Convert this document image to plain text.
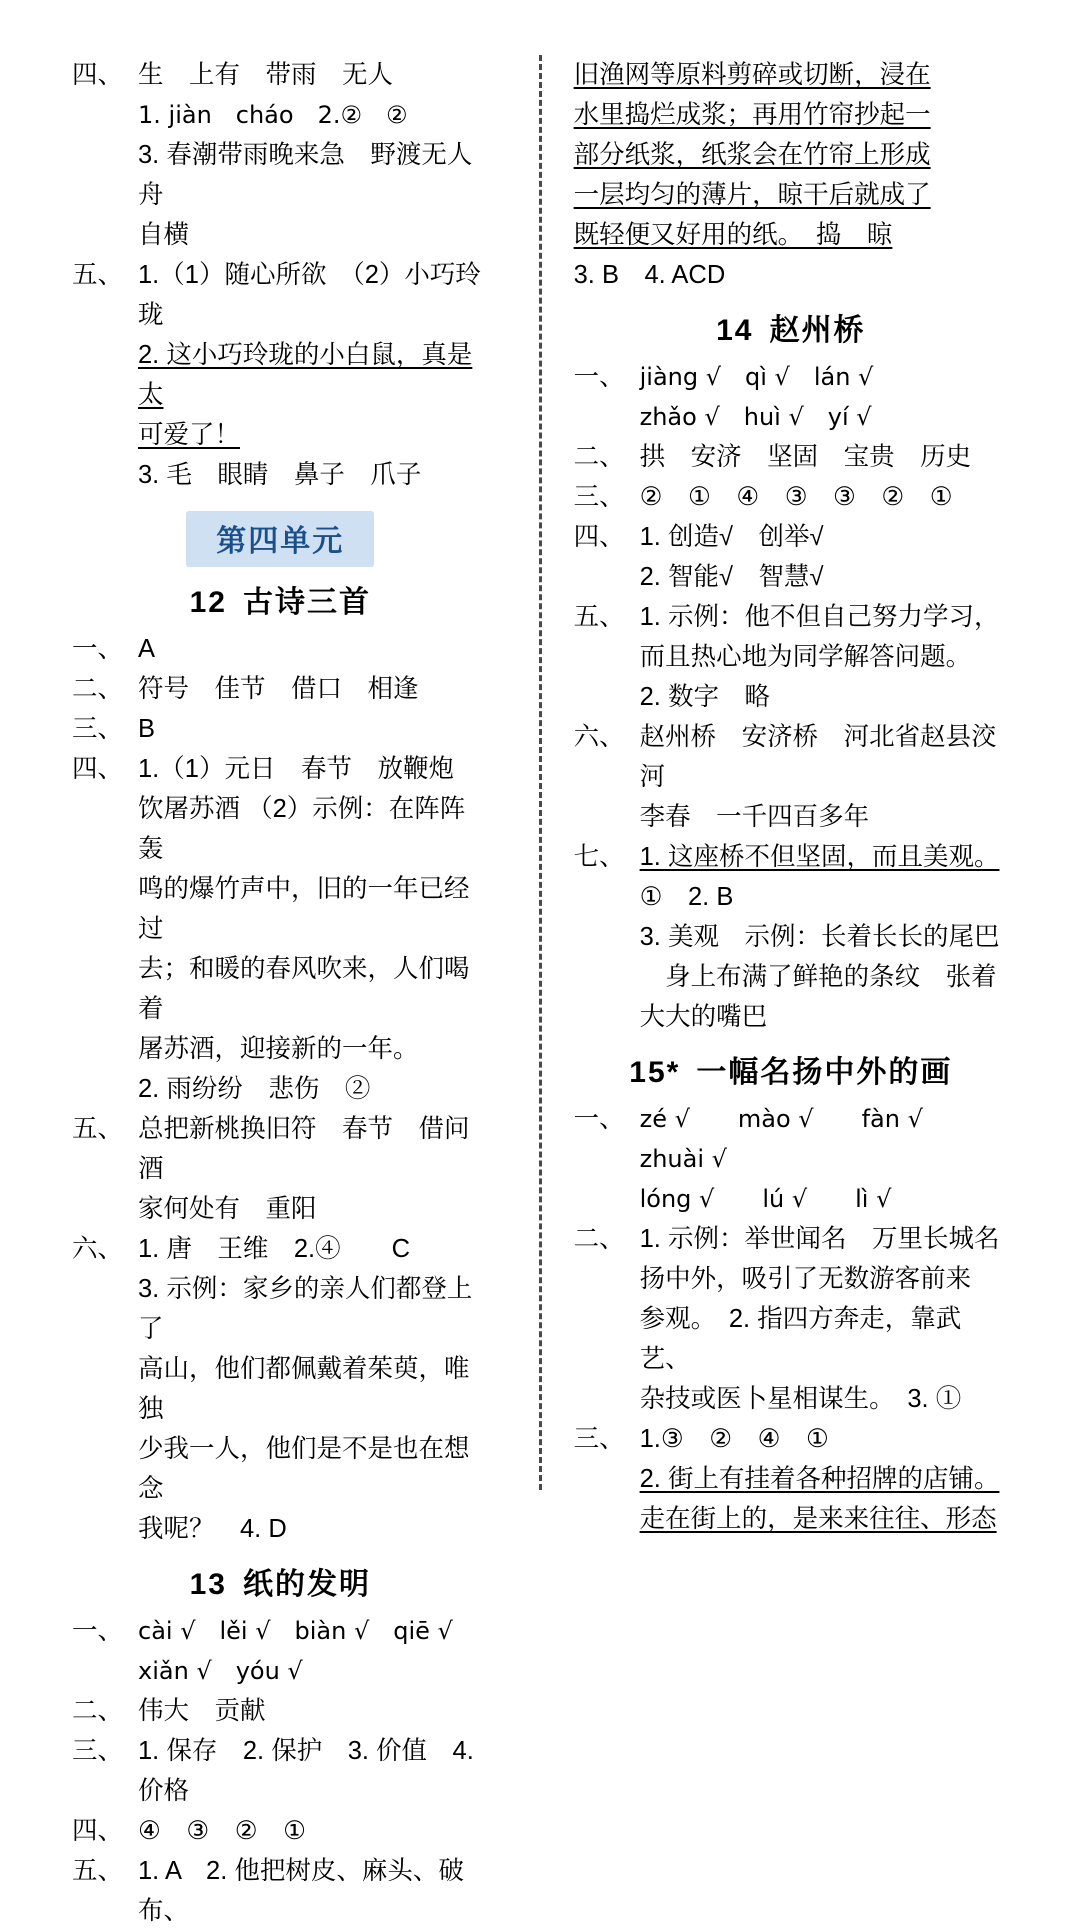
四、 生　上有　带雨　无人
1. jiàn　cháo　2.②　②
3. 春潮带雨晚来急　野渡无人舟
自横
五、 1.（1）随心所欲　（2）小巧玲珑
2. 这小巧玲珑的小白鼠，真是太
可爱了！
3. 毛　眼睛　鼻子　爪子
第四单元
12 古诗三首
一、 A
二、 符号　佳节　借口　相逢
三、 B
四、 1.（1）元日　春节　放鞭炮
饮屠苏酒 （2）示例：在阵阵轰
鸣的爆竹声中，旧的一年已经过
去；和暖的春风吹来，人们喝着
屠苏酒，迎接新的一年。
2. 雨纷纷　悲伤　②
五、 总把新桃换旧符　春节　借问酒
家何处有　重阳
六、 1. 唐　王维　2.④　　C
3. 示例：家乡的亲人们都登上了
高山，他们都佩戴着茱萸，唯独
少我一人，他们是不是也在想念
我呢？　4. D
13 纸的发明
一、 cài √　lěi √　biàn √　qiē √
xiǎn √　yóu √
二、 伟大　贡献
三、 1. 保存　2. 保护　3. 价值　4. 价格
四、 ④　③　②　①
五、 1. A　2. 他把树皮、麻头、破布、
旧渔网等原料剪碎或切断，浸在
水里捣烂成浆；再用竹帘抄起一
部分纸浆，纸浆会在竹帘上形成
一层均匀的薄片，晾干后就成了
既轻便又好用的纸。　捣　晾
3. B　4. ACD
14 赵州桥
一、 jiàng √　qì √　lán √
zhǎo √　huì √　yí √
二、 拱　安济　坚固　宝贵　历史
三、 ②　①　④　③　③　②　①
四、 1. 创造√　创举√
2. 智能√　智慧√
五、 1. 示例：他不但自己努力学习，
而且热心地为同学解答问题。
2. 数字　略
六、 赵州桥　安济桥　河北省赵县洨河
李春　一千四百多年
七、 1. 这座桥不但坚固，而且美观。
①　2. B
3. 美观　示例：长着长长的尾巴
　身上布满了鲜艳的条纹　张着
大大的嘴巴
15* 一幅名扬中外的画
一、 zé √　　mào √　　fàn √　　zhuài √
lóng √　　lú √　　lì √
二、 1. 示例：举世闻名　万里长城名
扬中外，吸引了无数游客前来
参观。　2. 指四方奔走，靠武艺、
杂技或医卜星相谋生。　3. ①
三、 1.③　②　④　①
2. 街上有挂着各种招牌的店铺。
走在街上的，是来来往往、形态
